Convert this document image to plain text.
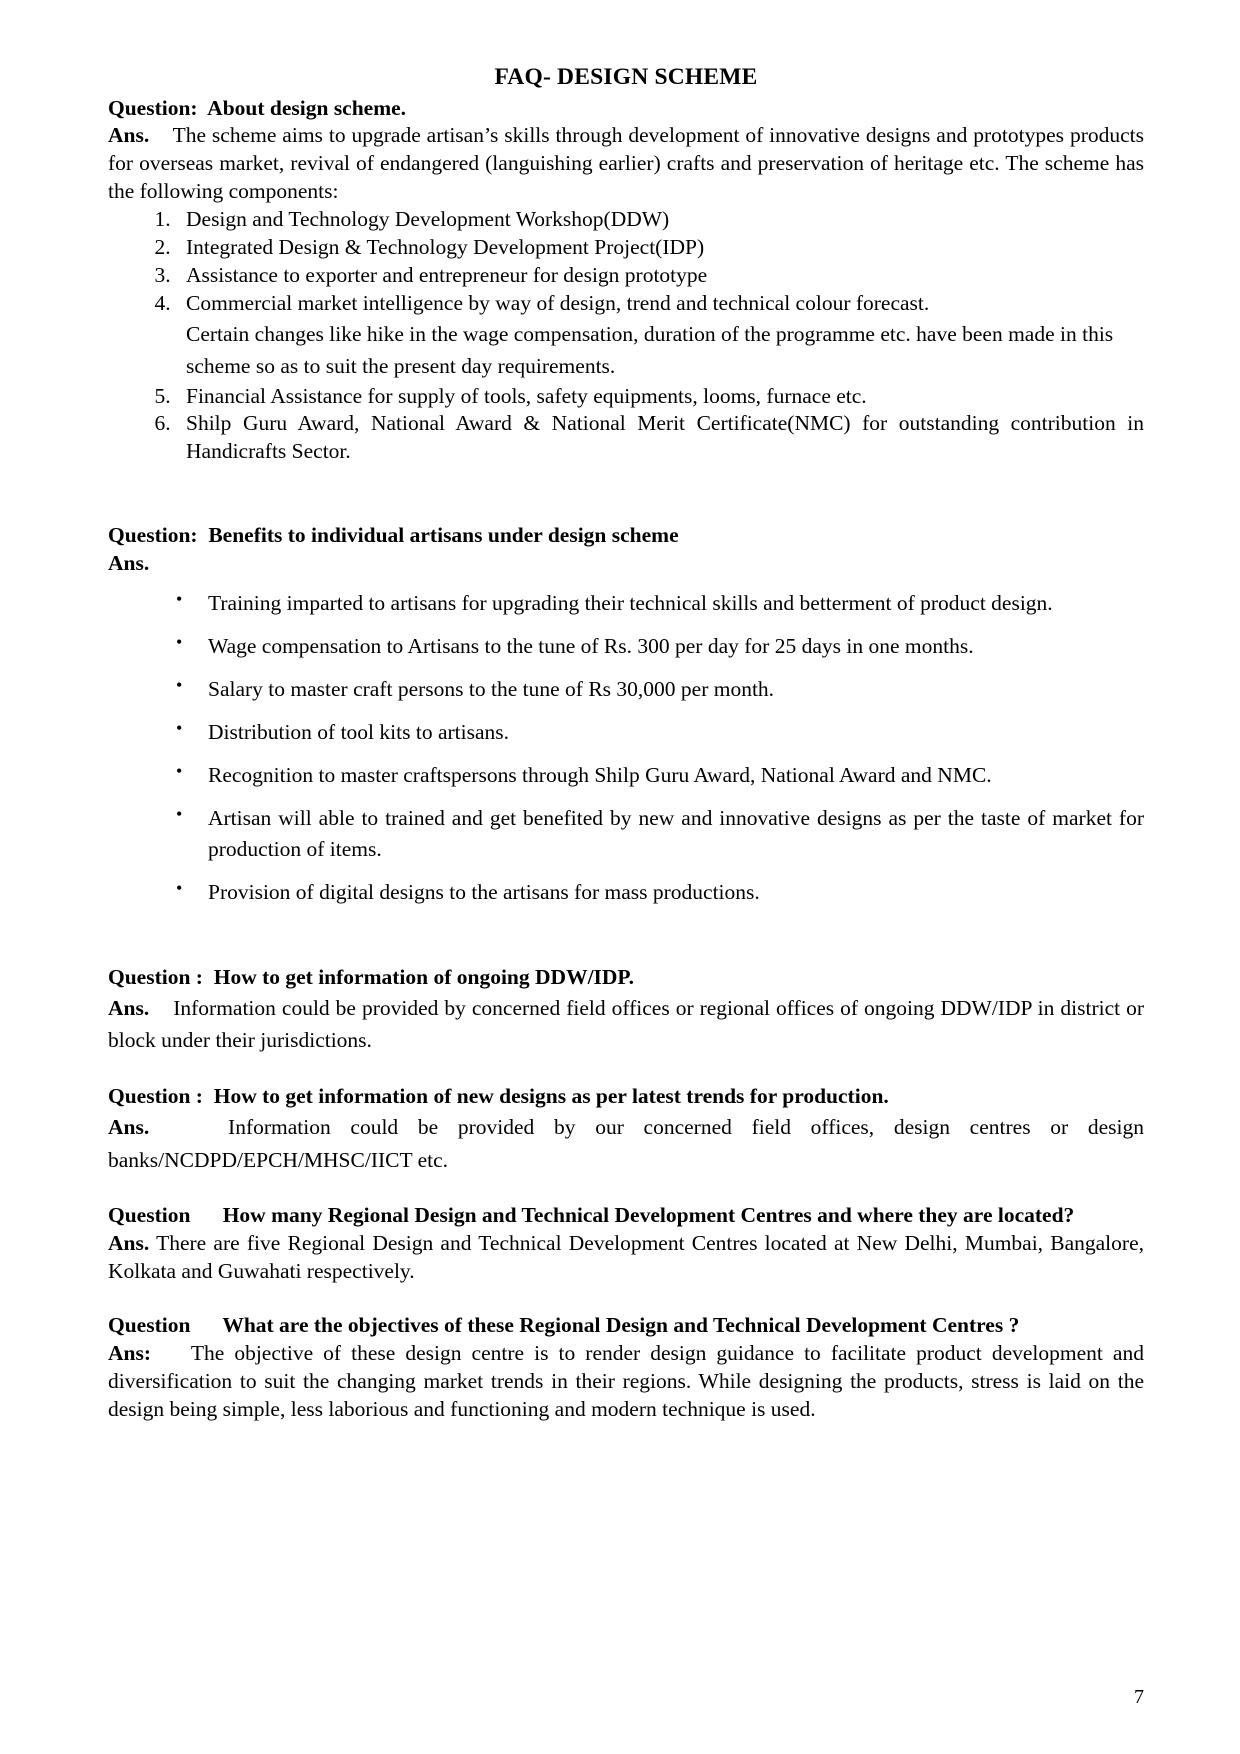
FAQ- DESIGN SCHEME

Question: About design scheme.

Ans. The scheme aims to upgrade artisan’s skills through development of innovative designs and prototypes products for overseas market, revival of endangered (languishing earlier) crafts and preservation of heritage etc. The scheme has the following components:

1. Design and Technology Development Workshop(DDW)
2. Integrated Design & Technology Development Project(IDP)
3. Assistance to exporter and entrepreneur for design prototype
4. Commercial market intelligence by way of design, trend and technical colour forecast.
Certain changes like hike in the wage compensation, duration of the programme etc. have been made in this scheme so as to suit the present day requirements.
5. Financial Assistance for supply of tools, safety equipments, looms, furnace etc.
6. Shilp Guru Award, National Award & National Merit Certificate(NMC) for outstanding contribution in Handicrafts Sector.

Question: Benefits to individual artisans under design scheme

Ans.

• Training imparted to artisans for upgrading their technical skills and betterment of product design.
• Wage compensation to Artisans to the tune of Rs. 300 per day for 25 days in one months.
• Salary to master craft persons to the tune of Rs 30,000 per month.
• Distribution of tool kits to artisans.
• Recognition to master craftspersons through Shilp Guru Award, National Award and NMC.
• Artisan will able to trained and get benefited by new and innovative designs as per the taste of market for production of items.
• Provision of digital designs to the artisans for mass productions.

Question : How to get information of ongoing DDW/IDP.

Ans. Information could be provided by concerned field offices or regional offices of ongoing DDW/IDP in district or block under their jurisdictions.

Question : How to get information of new designs as per latest trends for production.

Ans.	Information could be provided by our concerned field offices, design centres or design banks/NCDPD/EPCH/MHSC/IICT etc.

Question How many Regional Design and Technical Development Centres and where they are located?

Ans. There are five Regional Design and Technical Development Centres located at New Delhi, Mumbai, Bangalore, Kolkata and Guwahati respectively.

Question What are the objectives of these Regional Design and Technical Development Centres ?

Ans: The objective of these design centre is to render design guidance to facilitate product development and diversification to suit the changing market trends in their regions. While designing the products, stress is laid on the design being simple, less laborious and functioning and modern technique is used.

7
